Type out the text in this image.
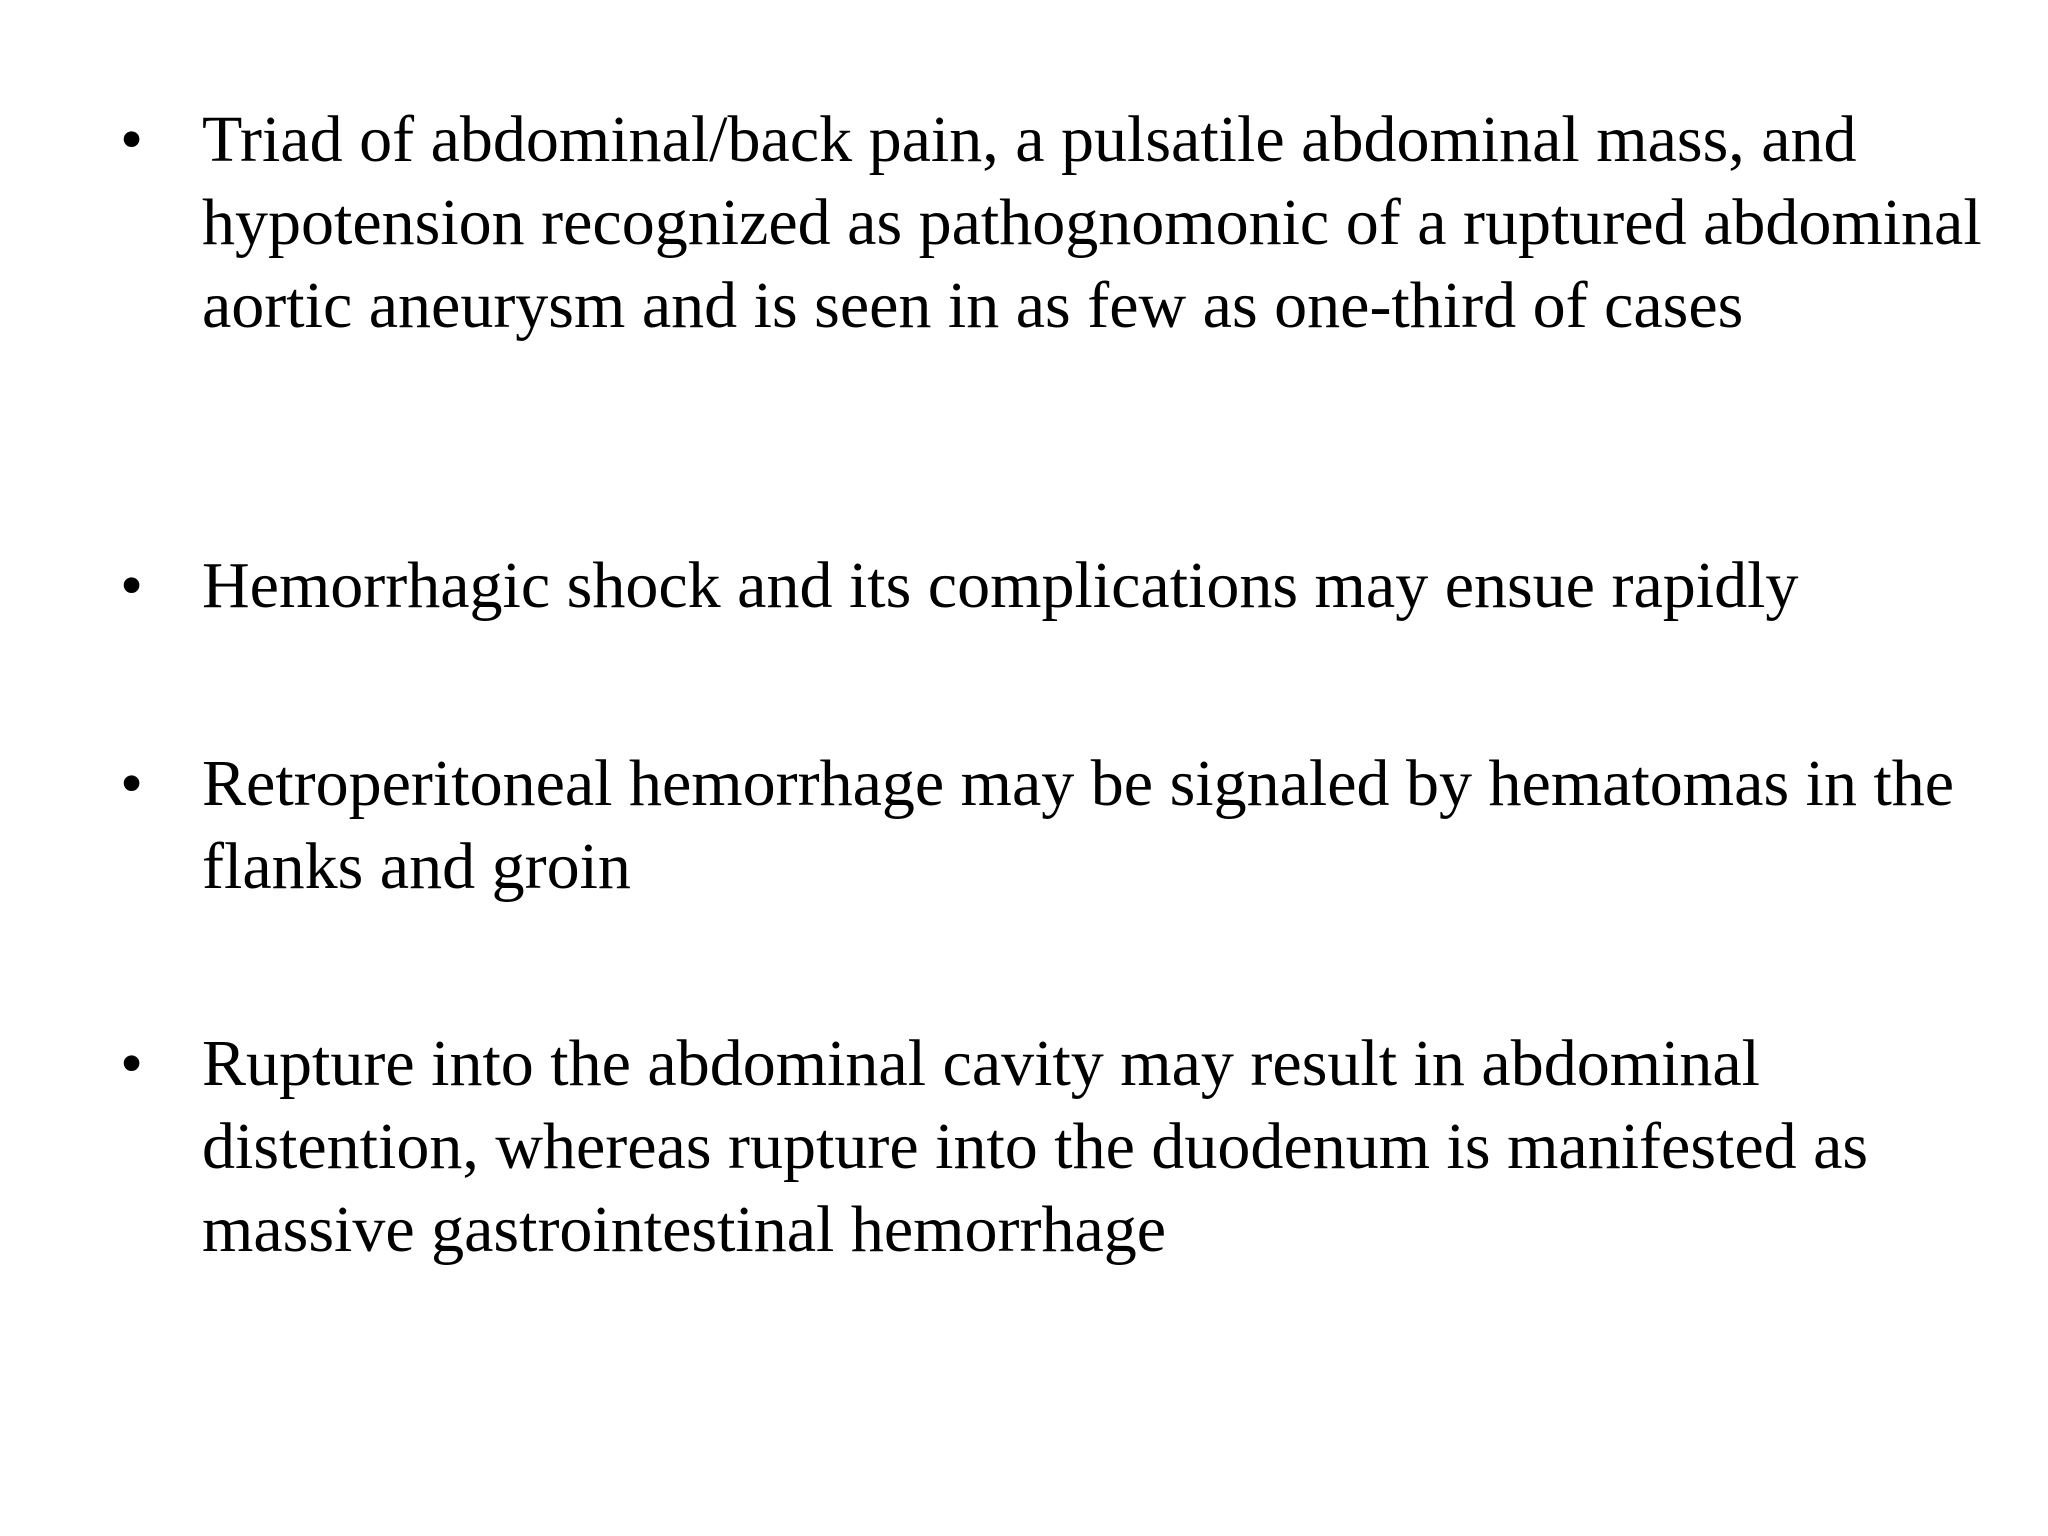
• Triad of abdominal/back pain, a pulsatile abdominal mass, and hypotension recognized as pathognomonic of a ruptured abdominal aortic aneurysm and is seen in as few as one-third of cases
• Hemorrhagic shock and its complications may ensue rapidly
• Retroperitoneal hemorrhage may be signaled by hematomas in the flanks and groin
• Rupture into the abdominal cavity may result in abdominal distention, whereas rupture into the duodenum is manifested as massive gastrointestinal hemorrhage
